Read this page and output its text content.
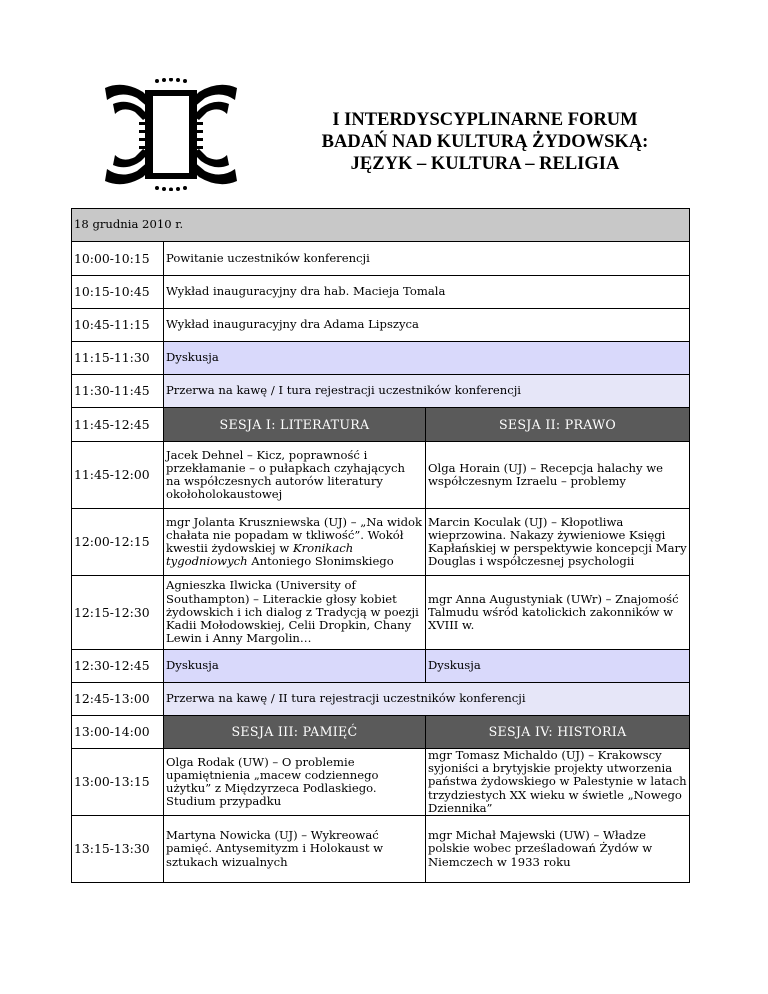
I INTERDYSCYPLINARNE FORUM
BADAŃ NAD KULTURĄ ŻYDOWSKĄ:
JĘZYK – KULTURA – RELIGIA
18 grudnia 2010 r.		
10:00-10:15	Powitanie uczestników konferencji	
10:15-10:45	Wykład inauguracyjny dra hab. Macieja Tomala	
10:45-11:15	Wykład inauguracyjny dra Adama Lipszyca	
11:15-11:30	Dyskusja	
11:30-11:45	Przerwa na kawę / I tura rejestracji uczestników konferencji	
11:45-12:45	SESJA I: LITERATURA	SESJA II: PRAWO
11:45-12:00	Jacek Dehnel – Kicz, poprawność i przekłamanie – o pułapkach czyhających na współczesnych autorów literatury okołoholokaustowej	Olga Horain (UJ) – Recepcja halachy we współczesnym Izraelu – problemy
12:00-12:15	mgr Jolanta Kruszniewska (UJ) – „Na widok chałata nie popadam w tkliwość”. Wokół kwestii żydowskiej w Kronikach tygodniowych Antoniego Słonimskiego	Marcin Koculak (UJ) – Kłopotliwa wieprzowina. Nakazy żywieniowe Księgi Kapłańskiej w perspektywie koncepcji Mary Douglas i współczesnej psychologii
12:15-12:30	Agnieszka Ilwicka (University of Southampton) – Literackie głosy kobiet żydowskich i ich dialog z Tradycją w poezji Kadii Mołodowskiej, Celii Dropkin, Chany Lewin i Anny Margolin…	mgr Anna Augustyniak (UWr) – Znajomość Talmudu wśród katolickich zakonników w XVIII w.
12:30-12:45	Dyskusja	Dyskusja
12:45-13:00	Przerwa na kawę / II tura rejestracji uczestników konferencji	
13:00-14:00	SESJA III: PAMIĘĆ	SESJA IV: HISTORIA
13:00-13:15	Olga Rodak (UW) – O problemie upamiętnienia „macew codziennego użytku” z Międzyrzeca Podlaskiego. Studium przypadku	mgr Tomasz Michaldo (UJ) – Krakowscy syjoniści a brytyjskie projekty utworzenia państwa żydowskiego w Palestynie w latach trzydziestych XX wieku w świetle „Nowego Dziennika”
13:15-13:30	Martyna Nowicka (UJ) – Wykreować pamięć. Antysemityzm i Holokaust w sztukach wizualnych	mgr Michał Majewski (UW) – Władze polskie wobec prześladowań Żydów w Niemczech w 1933 roku
